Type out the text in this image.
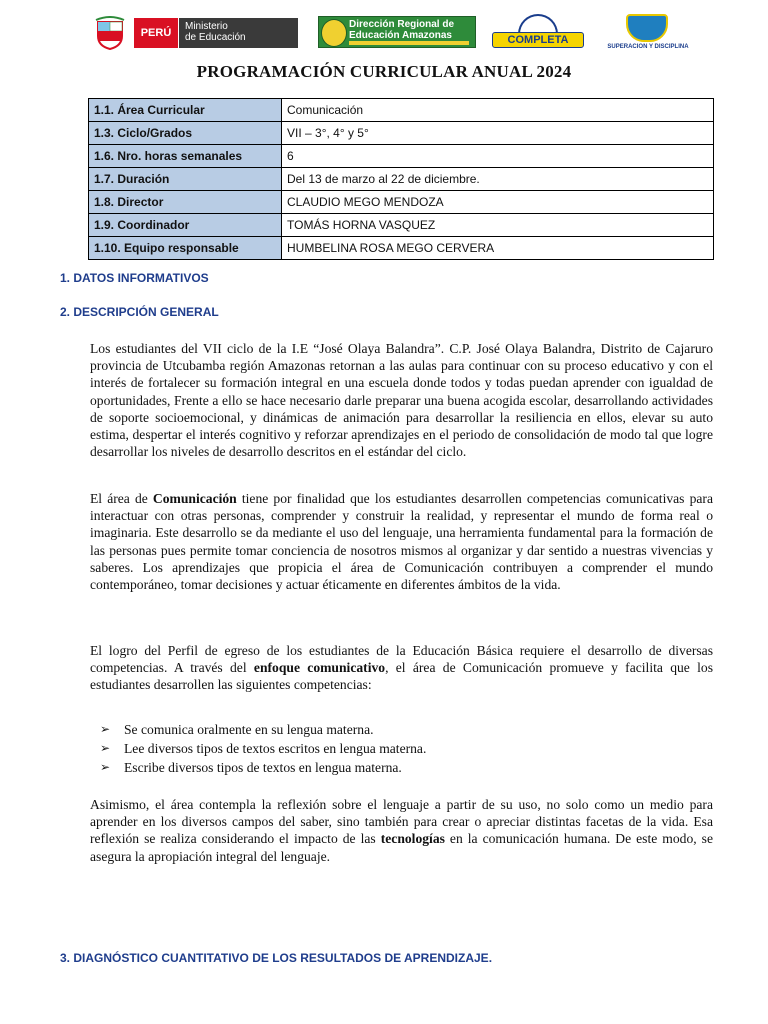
PERÚ
Ministerio
de Educación
Dirección Regional de
Educación Amazonas	COMPLETA
SUPERACION Y DISCIPLINA
PROGRAMACIÓN CURRICULAR ANUAL 2024
1.1. Área Curricular	Comunicación
1.3. Ciclo/Grados	VII – 3°, 4° y 5°
1.6. Nro. horas semanales	6
1.7. Duración	Del 13 de marzo al 22 de diciembre.
1.8. Director	CLAUDIO MEGO MENDOZA
1.9. Coordinador	TOMÁS HORNA VASQUEZ
1.10. Equipo responsable	HUMBELINA ROSA MEGO CERVERA
1. DATOS INFORMATIVOS
2. DESCRIPCIÓN GENERAL
Los estudiantes del VII ciclo de la I.E “José Olaya Balandra”. C.P. José Olaya Balandra, Distrito de Cajaruro provincia de Utcubamba región Amazonas retornan a las aulas para continuar con su proceso educativo y con el interés de fortalecer su formación integral en una escuela donde todos y todas puedan aprender con igualdad de oportunidades, Frente a ello se hace necesario darle preparar una buena acogida escolar, desarrollando actividades de soporte socioemocional, y dinámicas de animación para desarrollar la resiliencia en ellos, elevar su auto estima, despertar el interés cognitivo y reforzar aprendizajes en el periodo de consolidación de modo tal que logre desarrollar los niveles de desarrollo descritos en el estándar del ciclo.
El área de Comunicación tiene por finalidad que los estudiantes desarrollen competencias comunicativas para interactuar con otras personas, comprender y construir la realidad, y representar el mundo de forma real o imaginaria. Este desarrollo se da mediante el uso del lenguaje, una herramienta fundamental para la formación de las personas pues permite tomar conciencia de nosotros mismos al organizar y dar sentido a nuestras vivencias y saberes. Los aprendizajes que propicia el área de Comunicación contribuyen a comprender el mundo contemporáneo, tomar decisiones y actuar éticamente en diferentes ámbitos de la vida.
El logro del Perfil de egreso de los estudiantes de la Educación Básica requiere el desarrollo de diversas competencias. A través del enfoque comunicativo, el área de Comunicación promueve y facilita que los estudiantes desarrollen las siguientes competencias:
➢ Se comunica oralmente en su lengua materna.
➢ Lee diversos tipos de textos escritos en lengua materna.
➢ Escribe diversos tipos de textos en lengua materna.
Asimismo, el área contempla la reflexión sobre el lenguaje a partir de su uso, no solo como un medio para aprender en los diversos campos del saber, sino también para crear o apreciar distintas facetas de la vida. Esa reflexión se realiza considerando el impacto de las tecnologías en la comunicación humana. De este modo, se asegura la apropiación integral del lenguaje.
3. DIAGNÓSTICO CUANTITATIVO DE LOS RESULTADOS DE APRENDIZAJE.
